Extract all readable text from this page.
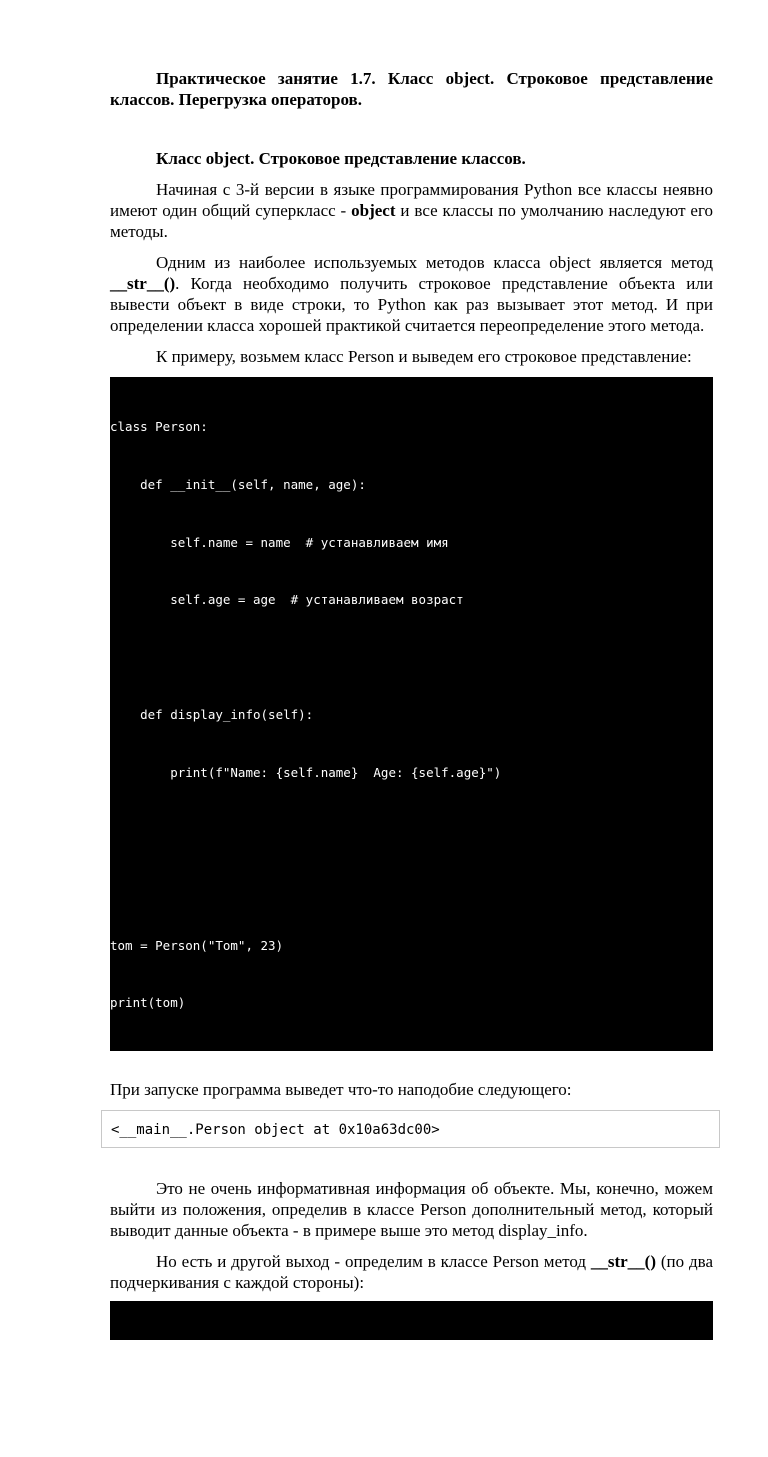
Практическое занятие 1.7. Класс object. Строковое представление классов. Перегрузка операторов.

Класс object. Строковое представление классов.

Начиная с 3-й версии в языке программирования Python все классы неявно имеют один общий суперкласс - object и все классы по умолчанию наследуют его методы.

Одним из наиболее используемых методов класса object является метод __str__(). Когда необходимо получить строковое представление объекта или вывести объект в виде строки, то Python как раз вызывает этот метод. И при определении класса хорошей практикой считается переопределение этого метода.

К примеру, возьмем класс Person и выведем его строковое представление:

class Person:

def __init__(self, name, age):

self.name = name  # устанавливаем имя

self.age = age  # устанавливаем возраст

def display_info(self):

print(f"Name: {self.name}  Age: {self.age}")

tom = Person("Tom", 23)

print(tom)

При запуске программа выведет что-то наподобие следующего:

<__main__.Person object at 0x10a63dc00>

Это не очень информативная информация об объекте. Мы, конечно, можем выйти из положения, определив в классе Person дополнительный метод, который выводит данные объекта - в примере выше это метод display_info.

Но есть и другой выход - определим в классе Person метод __str__() (по два подчеркивания с каждой стороны):

class Person:

def __init__(self, name, age):
